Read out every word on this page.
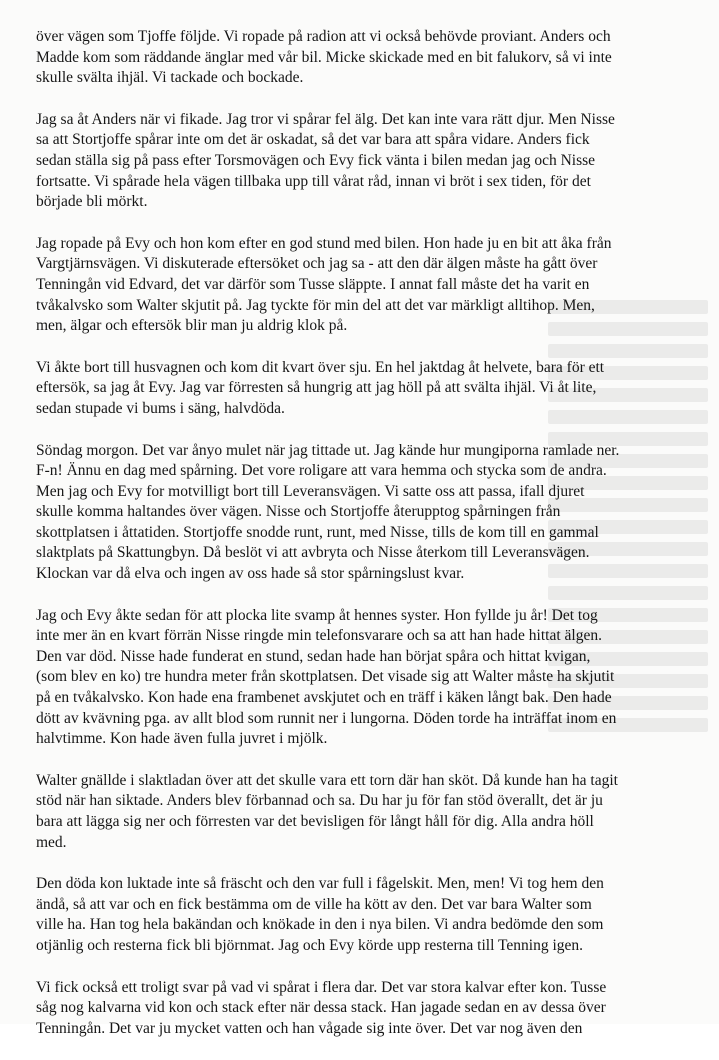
över vägen som Tjoffe följde. Vi ropade på radion att vi också behövde proviant. Anders och
Madde kom som räddande änglar med vår bil. Micke skickade med en bit falukorv, så vi inte
skulle svälta ihjäl. Vi tackade och bockade.

Jag sa åt Anders när vi fikade. Jag tror vi spårar fel älg. Det kan inte vara rätt djur. Men Nisse
sa att Stortjoffe spårar inte om det är oskadat, så det var bara att spåra vidare. Anders fick
sedan ställa sig på pass efter Torsmovägen och Evy fick vänta i bilen medan jag och Nisse
fortsatte. Vi spårade hela vägen tillbaka upp till vårat råd, innan vi bröt i sex tiden, för det
började bli mörkt.

Jag ropade på Evy och hon kom efter en god stund med bilen. Hon hade ju en bit att åka från
Vargtjärnsvägen. Vi diskuterade eftersöket och jag sa - att den där älgen måste ha gått över
Tenningån vid Edvard, det var därför som Tusse släppte. I annat fall måste det ha varit en
tvåkalvsko som Walter skjutit på. Jag tyckte för min del att det var märkligt alltihop. Men,
men, älgar och eftersök blir man ju aldrig klok på.

Vi åkte bort till husvagnen och kom dit kvart över sju. En hel jaktdag åt helvete, bara för ett
eftersök, sa jag åt Evy. Jag var förresten så hungrig att jag höll på att svälta ihjäl. Vi åt lite,
sedan stupade vi bums i säng, halvdöda.

Söndag morgon. Det var ånyo mulet när jag tittade ut. Jag kände hur mungiporna ramlade ner.
F-n! Ännu en dag med spårning. Det vore roligare att vara hemma och stycka som de andra.
Men jag och Evy for motvilligt bort till Leveransvägen. Vi satte oss att passa, ifall djuret
skulle komma haltandes över vägen. Nisse och Stortjoffe återupptog spårningen från
skottplatsen i åttatiden. Stortjoffe snodde runt, runt, med Nisse, tills de kom till en gammal
slaktplats på Skattungbyn. Då beslöt vi att avbryta och Nisse återkom till Leveransvägen.
Klockan var då elva och ingen av oss hade så stor spårningslust kvar.

Jag och Evy åkte sedan för att plocka lite svamp åt hennes syster. Hon fyllde ju år! Det tog
inte mer än en kvart förrän Nisse ringde min telefonsvarare och sa att han hade hittat älgen.
Den var död. Nisse hade funderat en stund, sedan hade han börjat spåra och hittat kvigan,
(som blev en ko) tre hundra meter från skottplatsen. Det visade sig att Walter måste ha skjutit
på en tvåkalvsko. Kon hade ena frambenet avskjutet och en träff i käken långt bak. Den hade
dött av kvävning pga. av allt blod som runnit ner i lungorna. Döden torde ha inträffat inom en
halvtimme. Kon hade även fulla juvret i mjölk.

Walter gnällde i slaktladan över att det skulle vara ett torn där han sköt. Då kunde han ha tagit
stöd när han siktade. Anders blev förbannad och sa. Du har ju för fan stöd överallt, det är ju
bara att lägga sig ner och förresten var det bevisligen för långt håll för dig. Alla andra höll
med.

Den döda kon luktade inte så fräscht och den var full i fågelskit. Men, men! Vi tog hem den
ändå, så att var och en fick bestämma om de ville ha kött av den. Det var bara Walter som
ville ha. Han tog hela bakändan och knökade in den i nya bilen. Vi andra bedömde den som
otjänlig och resterna fick bli björnmat. Jag och Evy körde upp resterna till Tenning igen.

Vi fick också ett troligt svar på vad vi spårat i flera dar. Det var stora kalvar efter kon. Tusse
såg nog kalvarna vid kon och stack efter när dessa stack. Han jagade sedan en av dessa över
Tenningån. Det var ju mycket vatten och han vågade sig inte över. Det var nog även den
